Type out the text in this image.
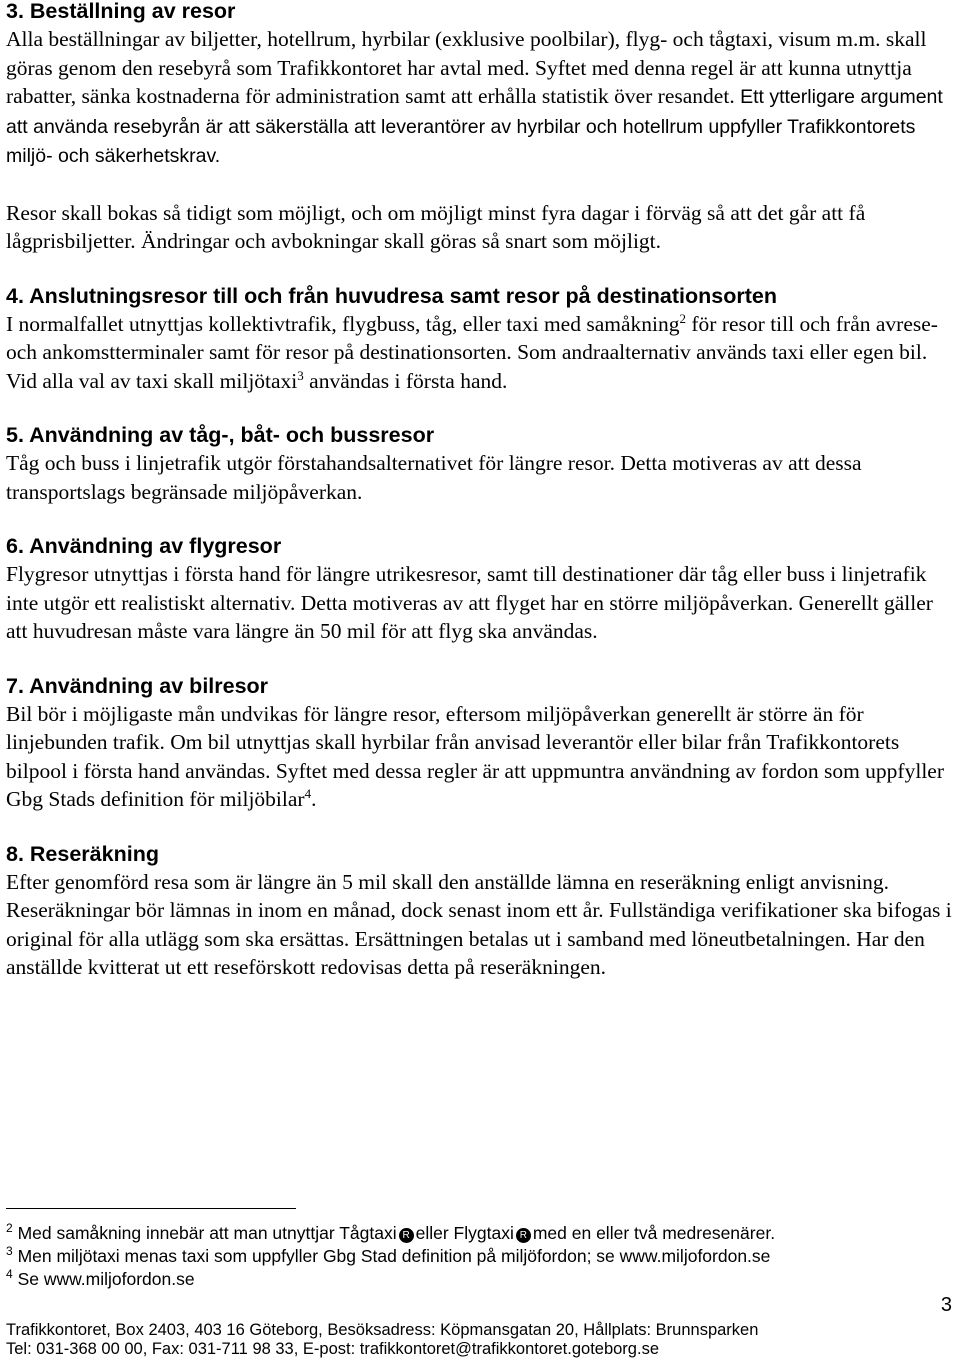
3. Beställning av resor

Alla beställningar av biljetter, hotellrum, hyrbilar (exklusive poolbilar), flyg- och tågtaxi, visum m.m. skall göras genom den resebyrå som Trafikkontoret har avtal med. Syftet med denna regel är att kunna utnyttja rabatter, sänka kostnaderna för administration samt att erhålla statistik över resandet. Ett ytterligare argument att använda resebyrån är att säkerställa att leverantörer av hyrbilar och hotellrum uppfyller Trafikkontorets miljö- och säkerhetskrav.

Resor skall bokas så tidigt som möjligt, och om möjligt minst fyra dagar i förväg så att det går att få lågprisbiljetter. Ändringar och avbokningar skall göras så snart som möjligt.

4. Anslutningsresor till och från huvudresa samt resor på destinationsorten

I normalfallet utnyttjas kollektivtrafik, flygbuss, tåg, eller taxi med samåkning$^2$ för resor till och från avrese- och ankomstterminaler samt för resor på destinationsorten. Som andraalternativ används taxi eller egen bil. Vid alla val av taxi skall miljötaxi$^3$ användas i första hand.

5. Användning av tåg-, båt- och bussresor

Tåg och buss i linjetrafik utgör förstahandsalternativet för längre resor. Detta motiveras av att dessa transportslags begränsade miljöpåverkan.

6. Användning av flygresor

Flygresor utnyttjas i första hand för längre utrikesresor, samt till destinationer där tåg eller buss i linjetrafik inte utgör ett realistiskt alternativ. Detta motiveras av att flyget har en större miljöpåverkan. Generellt gäller att huvudresan måste vara längre än 50 mil för att flyg ska användas.

7. Användning av bilresor

Bil bör i möjligaste mån undvikas för längre resor, eftersom miljöpåverkan generellt är större än för linjebunden trafik. Om bil utnyttjas skall hyrbilar från anvisad leverantör eller bilar från Trafikkontorets bilpool i första hand användas. Syftet med dessa regler är att uppmuntra användning av fordon som uppfyller Gbg Stads definition för miljöbilar$^4$.

8. Reseräkning

Efter genomförd resa som är längre än 5 mil skall den anställde lämna en reseräkning enligt anvisning. Reseräkningar bör lämnas in inom en månad, dock senast inom ett år. Fullständiga verifikationer ska bifogas i original för alla utlägg som ska ersättas. Ersättningen betalas ut i samband med löneutbetalningen. Har den anställde kvitterat ut ett reseförskott redovisas detta på reseräkningen.

$^2$ Med samåkning innebär att man utnyttjar Tågtaxi R eller Flygtaxi R med en eller två medresenärer.
$^3$ Men miljötaxi menas taxi som uppfyller Gbg Stad definition på miljöfordon; se www.miljofordon.se
$^4$ Se www.miljofordon.se
3
Trafikkontoret, Box 2403, 403 16 Göteborg, Besöksadress: Köpmansgatan 20, Hållplats: Brunnsparken
Tel: 031-368 00 00, Fax: 031-711 98 33, E-post: trafikkontoret@trafikkontoret.goteborg.se
